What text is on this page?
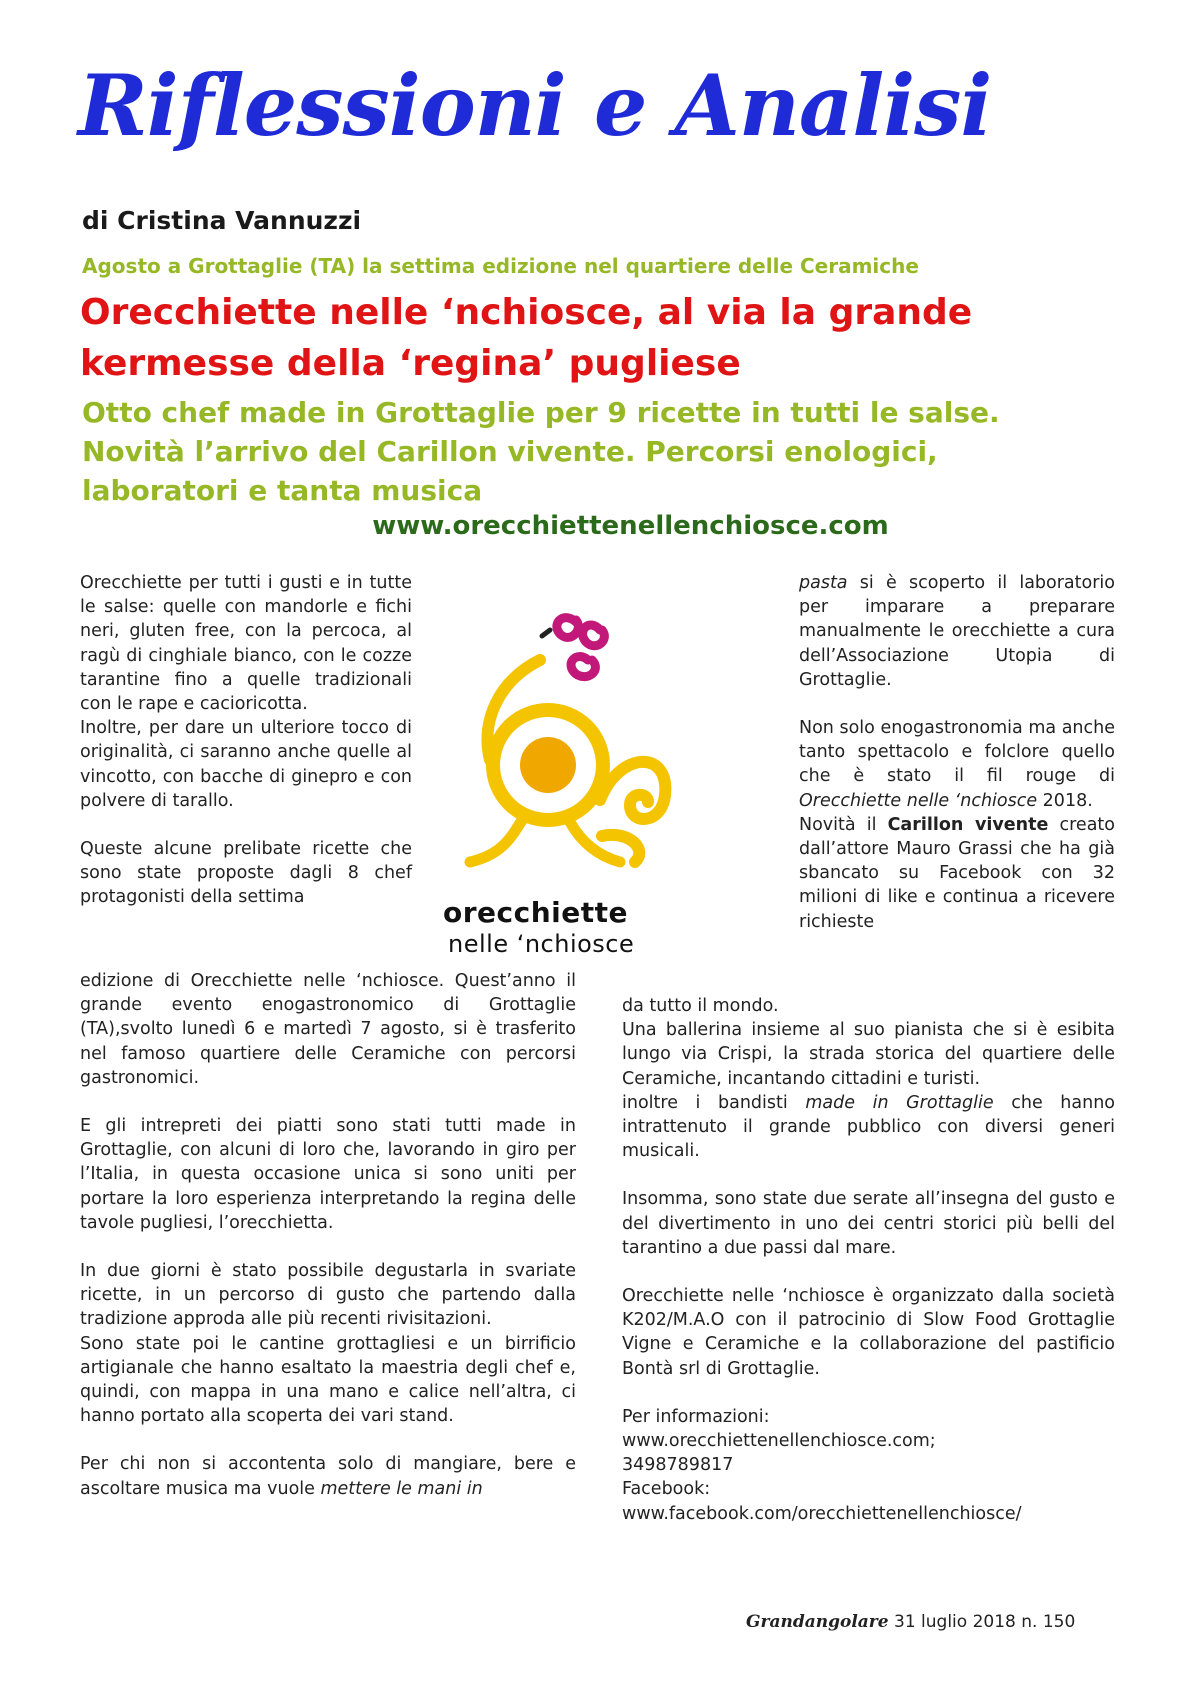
Riflessioni e Analisi
di Cristina Vannuzzi
Agosto a Grottaglie (TA) la settima edizione nel quartiere delle Ceramiche
Orecchiette nelle ‘nchiosce, al via la grande
kermesse della ‘regina’ pugliese
Otto chef made in Grottaglie per 9 ricette in tutti le salse.
Novità l’arrivo del Carillon vivente. Percorsi enologici,
laboratori e tanta musica
www.orecchiettenellenchiosce.com
orecchiette
nelle ‘nchiosce

Orecchiette per tutti i gusti e in tutte le salse: quelle con mandorle e fichi neri, gluten free, con la percoca, al ragù di cinghiale bianco, con le cozze tarantine fino a quelle tradizionali con le rape e cacioricotta.

Inoltre, per dare un ulteriore tocco di originalità, ci saranno anche quelle al vincotto, con bacche di ginepro e con polvere di tarallo.

Queste alcune prelibate ricette che sono state proposte dagli 8 chef protagonisti della settima

edizione di Orecchiette nelle ‘nchiosce. Quest’anno il grande evento enogastronomico di Grottaglie (TA),svolto lunedì 6 e martedì 7 agosto, si è trasferito nel famoso quartiere delle Ceramiche con percorsi gastronomici.

E gli intrepreti dei piatti sono stati tutti made in Grottaglie, con alcuni di loro che, lavorando in giro per l’Italia, in questa occasione unica si sono uniti per portare la loro esperienza interpretando la regina delle tavole pugliesi, l’orecchietta.

In due giorni è stato possibile degustarla in svariate ricette, in un percorso di gusto che partendo dalla tradizione approda alle più recenti rivisitazioni.

Sono state poi le cantine grottagliesi e un birrificio artigianale che hanno esaltato la maestria degli chef e, quindi, con mappa in una mano e calice nell’altra, ci hanno portato alla scoperta dei vari stand.

Per chi non si accontenta solo di mangiare, bere e ascoltare musica ma vuole mettere le mani in

pasta si è scoperto il laboratorio per imparare a preparare manualmente le orecchiette a cura dell’Associazione Utopia di Grottaglie.

Non solo enogastronomia ma anche tanto spettacolo e folclore quello che è stato il fil rouge di Orecchiette nelle ‘nchiosce 2018.

Novità il Carillon vivente creato dall’attore Mauro Grassi che ha già sbancato su Facebook con 32 milioni di like e continua a ricevere richieste

da tutto il mondo.

Una ballerina insieme al suo pianista che si è esibita lungo via Crispi, la strada storica del quartiere delle Ceramiche, incantando cittadini e turisti.

inoltre i bandisti made in Grottaglie che hanno intrattenuto il grande pubblico con diversi generi musicali.

Insomma, sono state due serate all’insegna del gusto e del divertimento in uno dei centri storici più belli del tarantino a due passi dal mare.

Orecchiette nelle ‘nchiosce è organizzato dalla società K202/M.A.O con il patrocinio di Slow Food Grottaglie Vigne e Ceramiche e la collaborazione del pastificio Bontà srl di Grottaglie.

Per informazioni:

www.orecchiettenellenchiosce.com;

3498789817

Facebook:

www.facebook.com/orecchiettenellenchiosce/

Grandangolare 31 luglio 2018 n. 150
